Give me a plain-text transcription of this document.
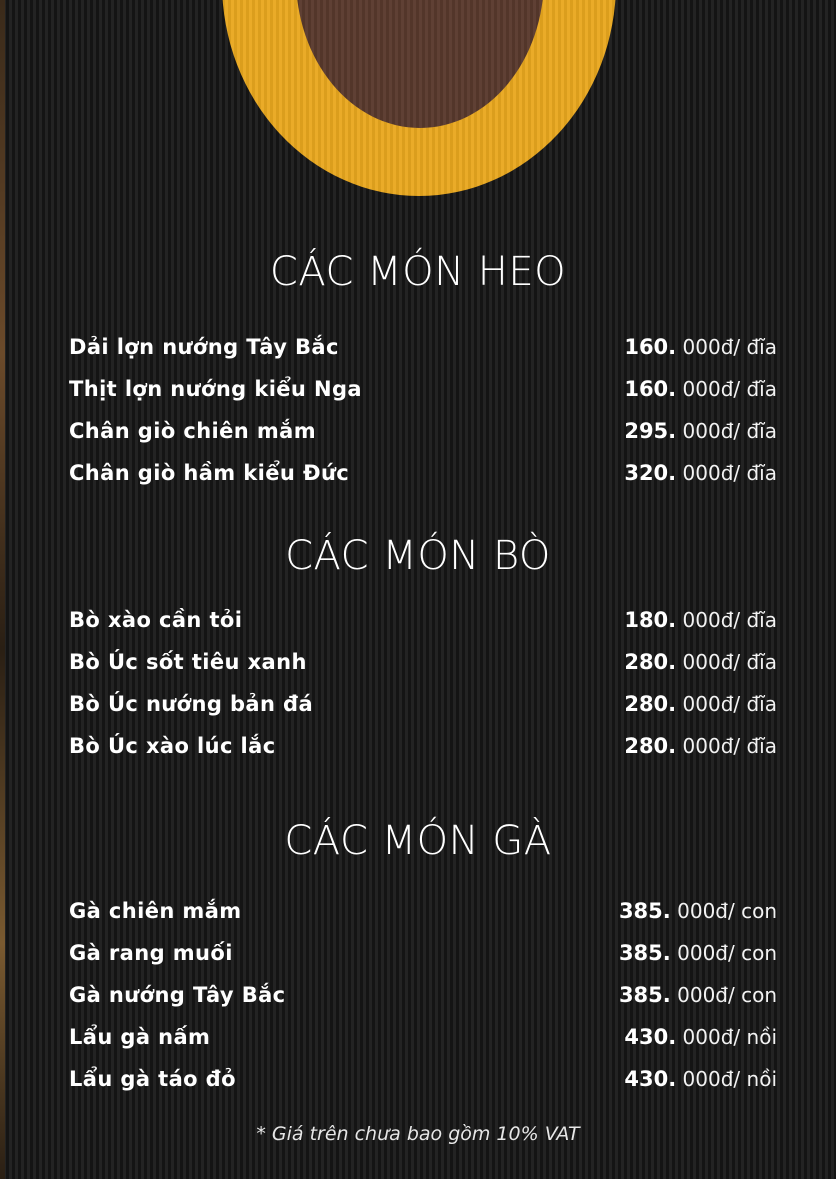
CÁC MÓN HEO
Dải lợn nướng Tây Bắc	160. 000đ/ đĩa
Thịt lợn nướng kiểu Nga	160. 000đ/ đĩa
Chân giò chiên mắm	295. 000đ/ đĩa
Chân giò hầm kiểu Đức	320. 000đ/ đĩa
CÁC MÓN BÒ
Bò xào cần tỏi	180. 000đ/ đĩa
Bò Úc sốt tiêu xanh	280. 000đ/ đĩa
Bò Úc nướng bản đá	280. 000đ/ đĩa
Bò Úc xào lúc lắc	280. 000đ/ đĩa
CÁC MÓN GÀ
Gà chiên mắm	385. 000đ/ con
Gà rang muối	385. 000đ/ con
Gà nướng Tây Bắc	385. 000đ/ con
Lẩu gà nấm	430. 000đ/ nồi
Lẩu gà táo đỏ	430. 000đ/ nồi

* Giá trên chưa bao gồm 10% VAT
